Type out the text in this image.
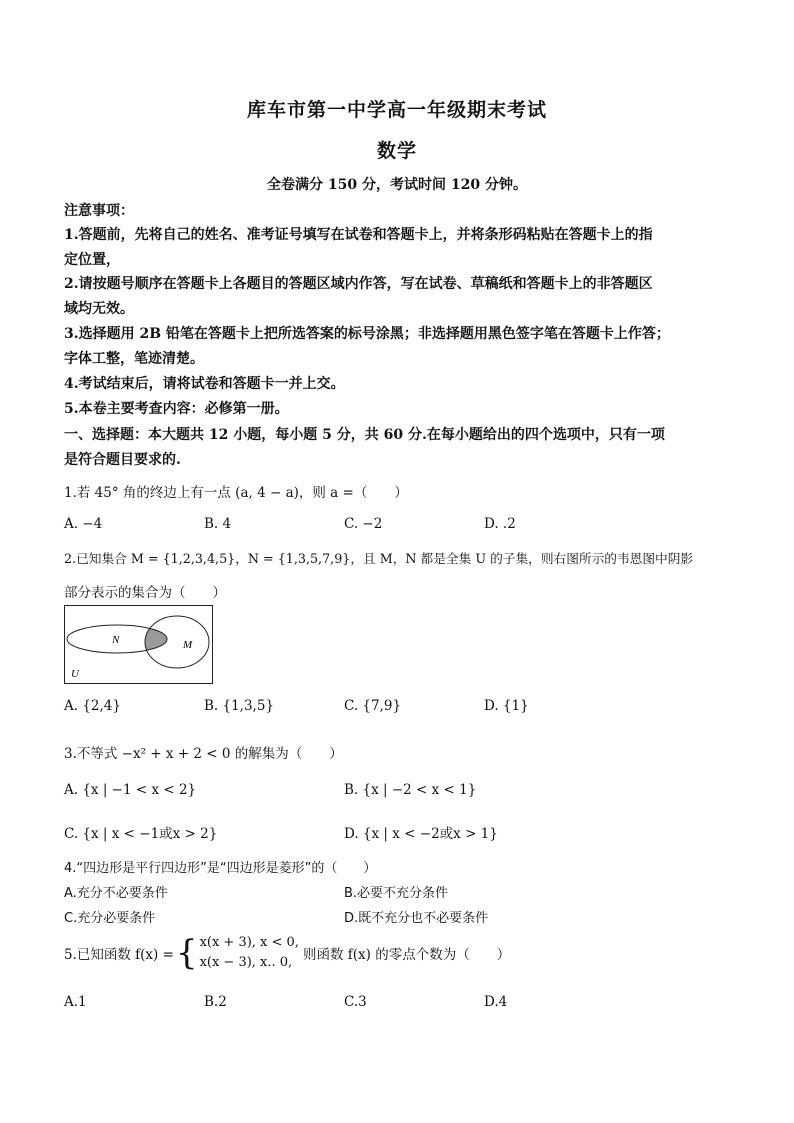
库车市第一中学高一年级期末考试
数学
全卷满分 150 分，考试时间 120 分钟。
注意事项：
1.答题前，先将自己的姓名、准考证号填写在试卷和答题卡上，并将条形码粘贴在答题卡上的指
定位置，
2.请按题号顺序在答题卡上各题目的答题区域内作答，写在试卷、草稿纸和答题卡上的非答题区
域均无效。
3.选择题用 2B 铅笔在答题卡上把所选答案的标号涂黑；非选择题用黑色签字笔在答题卡上作答；
字体工整，笔迹清楚。
4.考试结束后，请将试卷和答题卡一并上交。
5.本卷主要考查内容：必修第一册。
一、选择题：本大题共 12 小题，每小题 5 分，共 60 分.在每小题给出的四个选项中，只有一项
是符合题目要求的.
1.若 45° 角的终边上有一点 (a, 4 − a)，则 a =（　　）
A. −4	B. 4	C. −2	D. .2
2.已知集合 M = {1,2,3,4,5}，N = {1,3,5,7,9}，且 M，N 都是全集 U 的子集，则右图所示的韦恩图中阴影
部分表示的集合为（　　）
N	M
U
A. {2,4}	B. {1,3,5}	C. {7,9}	D. {1}
3.不等式 −x² + x + 2 < 0 的解集为（　　）
A. {x | −1 < x < 2}	B. {x | −2 < x < 1}
C. {x | x < −1或x > 2}	D. {x | x < −2或x > 1}
4.“四边形是平行四边形”是“四边形是菱形”的（　　）
A.充分不必要条件	B.必要不充分条件
C.充分必要条件	D.既不充分也不必要条件
5.已知函数 f(x) = { x(x + 3), x < 0,
x(x − 3), x.. 0, 则函数 f(x) 的零点个数为（　　）
A.1	B.2	C.3	D.4
